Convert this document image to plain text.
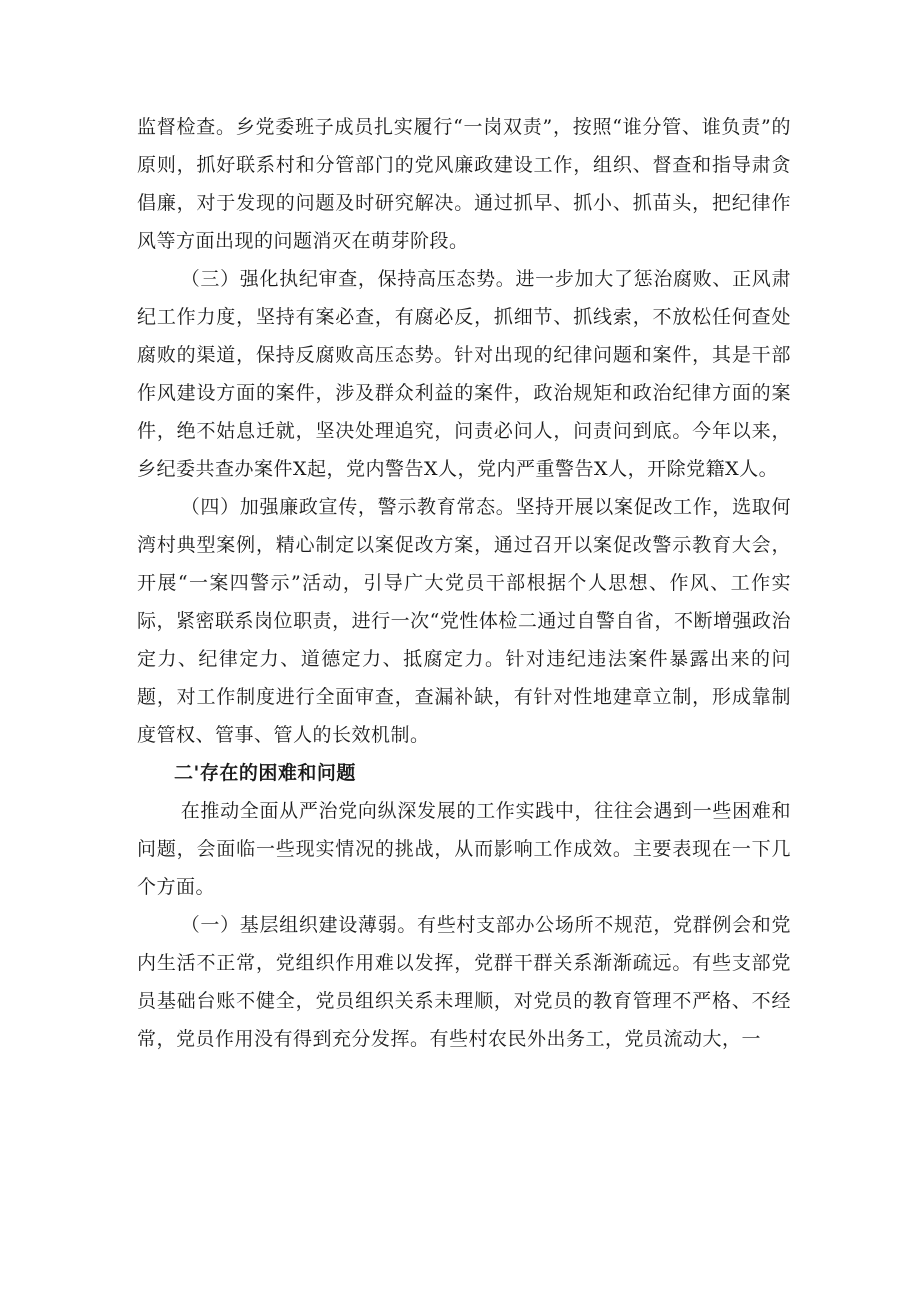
监督检查。乡党委班子成员扎实履行“一岗双责”，按照“谁分管、谁负责”的原则，抓好联系村和分管部门的党风廉政建设工作，组织、督查和指导肃贪倡廉，对于发现的问题及时研究解决。通过抓早、抓小、抓苗头，把纪律作风等方面出现的问题消灭在萌芽阶段。

（三）强化执纪审查，保持高压态势。进一步加大了惩治腐败、正风肃纪工作力度，坚持有案必查，有腐必反，抓细节、抓线索，不放松任何查处腐败的渠道，保持反腐败高压态势。针对出现的纪律问题和案件，其是干部作风建设方面的案件，涉及群众利益的案件，政治规矩和政治纪律方面的案件，绝不姑息迁就，坚决处理追究，问责必问人，问责问到底。今年以来，乡纪委共查办案件X起，党内警告X人，党内严重警告X人，开除党籍X人。

（四）加强廉政宣传，警示教育常态。坚持开展以案促改工作，选取何湾村典型案例，精心制定以案促改方案，通过召开以案促改警示教育大会，开展“一案四警示”活动，引导广大党员干部根据个人思想、作风、工作实际，紧密联系岗位职责，进行一次“党性体检二通过自警自省，不断增强政治定力、纪律定力、道德定力、抵腐定力。针对违纪违法案件暴露出来的问题，对工作制度进行全面审查，查漏补缺，有针对性地建章立制，形成靠制度管权、管事、管人的长效机制。

二'存在的困难和问题

在推动全面从严治党向纵深发展的工作实践中，往往会遇到一些困难和问题，会面临一些现实情况的挑战，从而影响工作成效。主要表现在一下几个方面。

（一）基层组织建设薄弱。有些村支部办公场所不规范，党群例会和党内生活不正常，党组织作用难以发挥，党群干群关系渐渐疏远。有些支部党员基础台账不健全，党员组织关系未理顺，对党员的教育管理不严格、不经常，党员作用没有得到充分发挥。有些村农民外出务工，党员流动大，一
